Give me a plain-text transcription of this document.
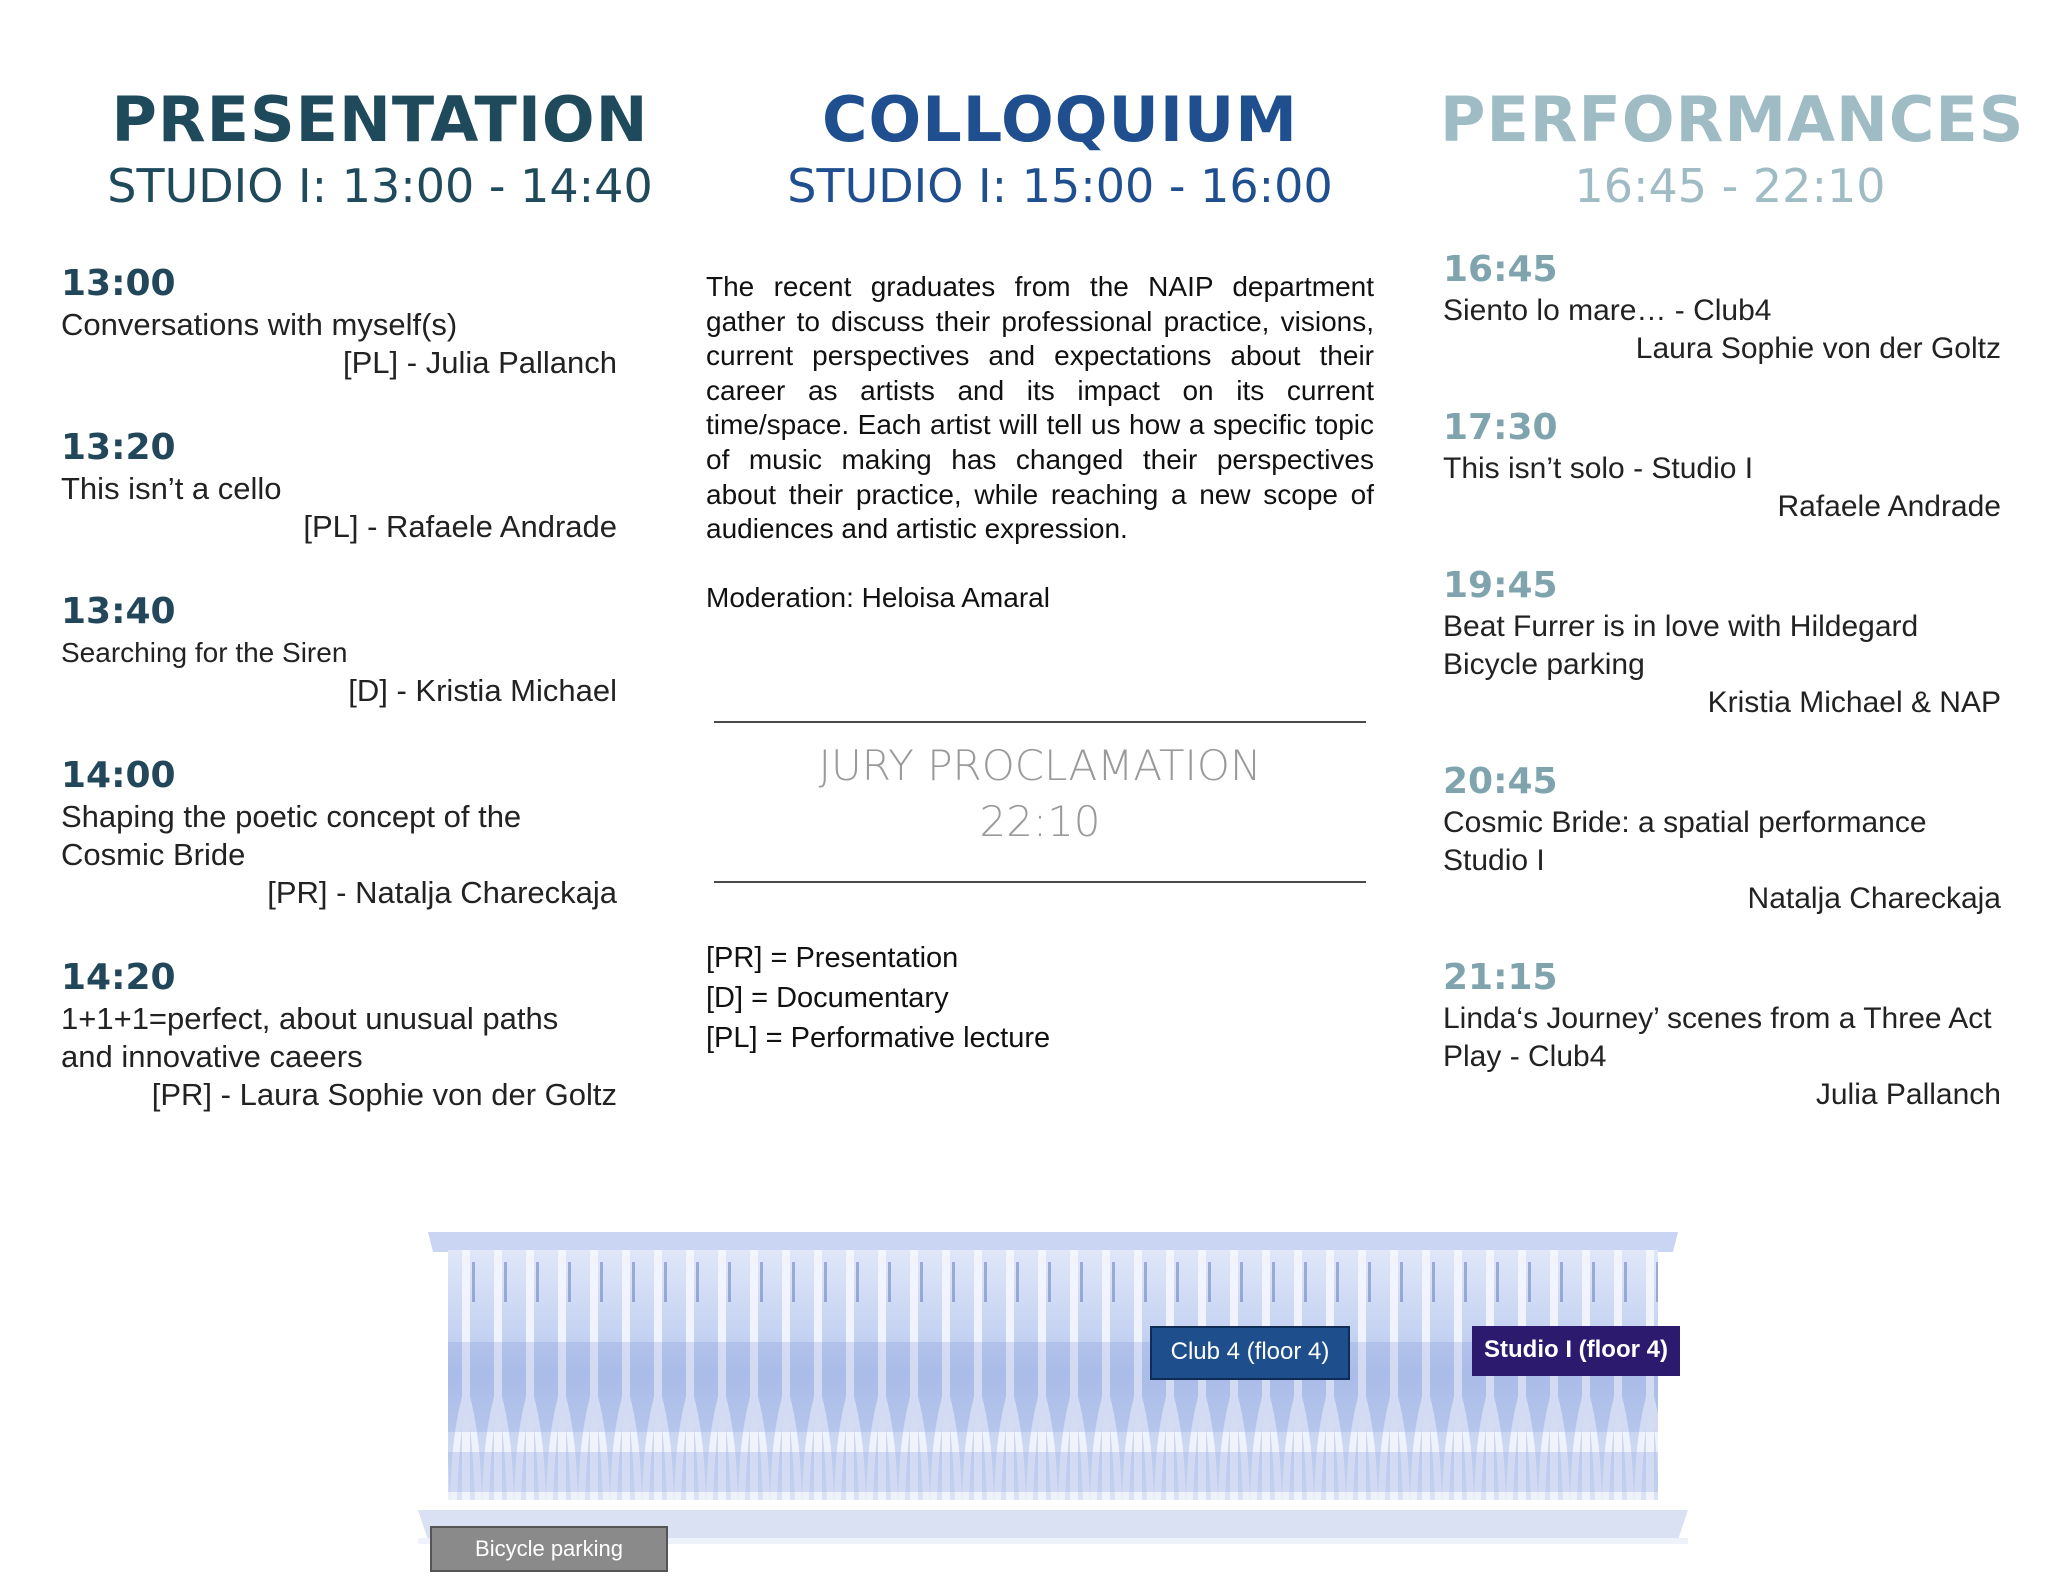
PRESENTATION
STUDIO I: 13:00 - 14:40
COLLOQUIUM
STUDIO I: 15:00 - 16:00
PERFORMANCES
16:45 - 22:10
13:00
Conversations with myself(s)
[PL] - Julia Pallanch
13:20
This isn’t a cello
[PL] - Rafaele Andrade
13:40
Searching for the Siren
[D] - Kristia Michael
14:00
Shaping the poetic concept of the Cosmic Bride
[PR] - Natalja Chareckaja
14:20
1+1+1=perfect, about unusual paths and innovative caeers
[PR] - Laura Sophie von der Goltz
The recent graduates from the NAIP department gather to discuss their professional practice, visions, current perspectives and expectations about their career as artists and its impact on its current time/space. Each artist will tell us how a specific topic of music making has changed their perspectives about their practice, while reaching a new scope of audiences and artistic expression.
Moderation: Heloisa Amaral
JURY PROCLAMATION
22:10
[PR] = Presentation
[D] = Documentary
[PL] = Performative lecture
16:45
Siento lo mare… - Club4
Laura Sophie von der Goltz
17:30
This isn’t solo - Studio I
Rafaele Andrade
19:45
Beat Furrer is in love with Hildegard Bicycle parking
Kristia Michael & NAP
20:45
Cosmic Bride: a spatial performance Studio I
Natalja Chareckaja
21:15
Linda‘s Journey’ scenes from a Three Act Play - Club4
Julia Pallanch
Club 4 (floor 4)	Studio I (floor 4)
Bicycle parking
